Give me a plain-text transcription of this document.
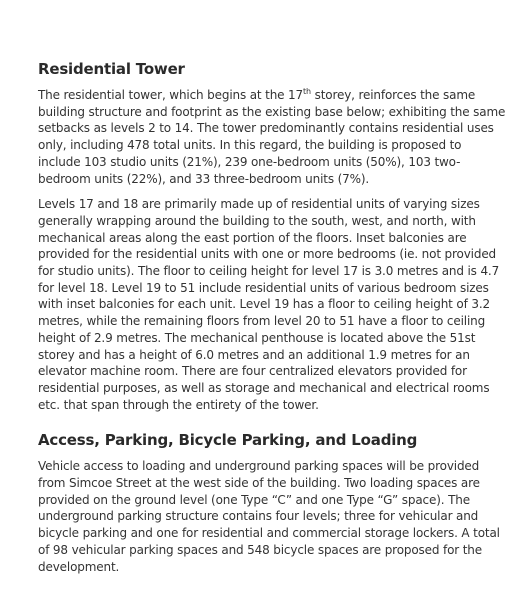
Residential Tower

The residential tower, which begins at the 17th storey, reinforces the same building structure and footprint as the existing base below; exhibiting the same setbacks as levels 2 to 14. The tower predominantly contains residential uses only, including 478 total units. In this regard, the building is proposed to include 103 studio units (21%), 239 one-bedroom units (50%), 103 two-bedroom units (22%), and 33 three-bedroom units (7%).

Levels 17 and 18 are primarily made up of residential units of varying sizes generally wrapping around the building to the south, west, and north, with mechanical areas along the east portion of the floors. Inset balconies are provided for the residential units with one or more bedrooms (ie. not provided for studio units). The floor to ceiling height for level 17 is 3.0 metres and is 4.7 for level 18. Level 19 to 51 include residential units of various bedroom sizes with inset balconies for each unit. Level 19 has a floor to ceiling height of 3.2 metres, while the remaining floors from level 20 to 51 have a floor to ceiling height of 2.9 metres. The mechanical penthouse is located above the 51st storey and has a height of 6.0 metres and an additional 1.9 metres for an elevator machine room. There are four centralized elevators provided for residential purposes, as well as storage and mechanical and electrical rooms etc. that span through the entirety of the tower.

Access, Parking, Bicycle Parking, and Loading

Vehicle access to loading and underground parking spaces will be provided from Simcoe Street at the west side of the building. Two loading spaces are provided on the ground level (one Type “C” and one Type “G” space). The underground parking structure contains four levels; three for vehicular and bicycle parking and one for residential and commercial storage lockers. A total of 98 vehicular parking spaces and 548 bicycle spaces are proposed for the development.
